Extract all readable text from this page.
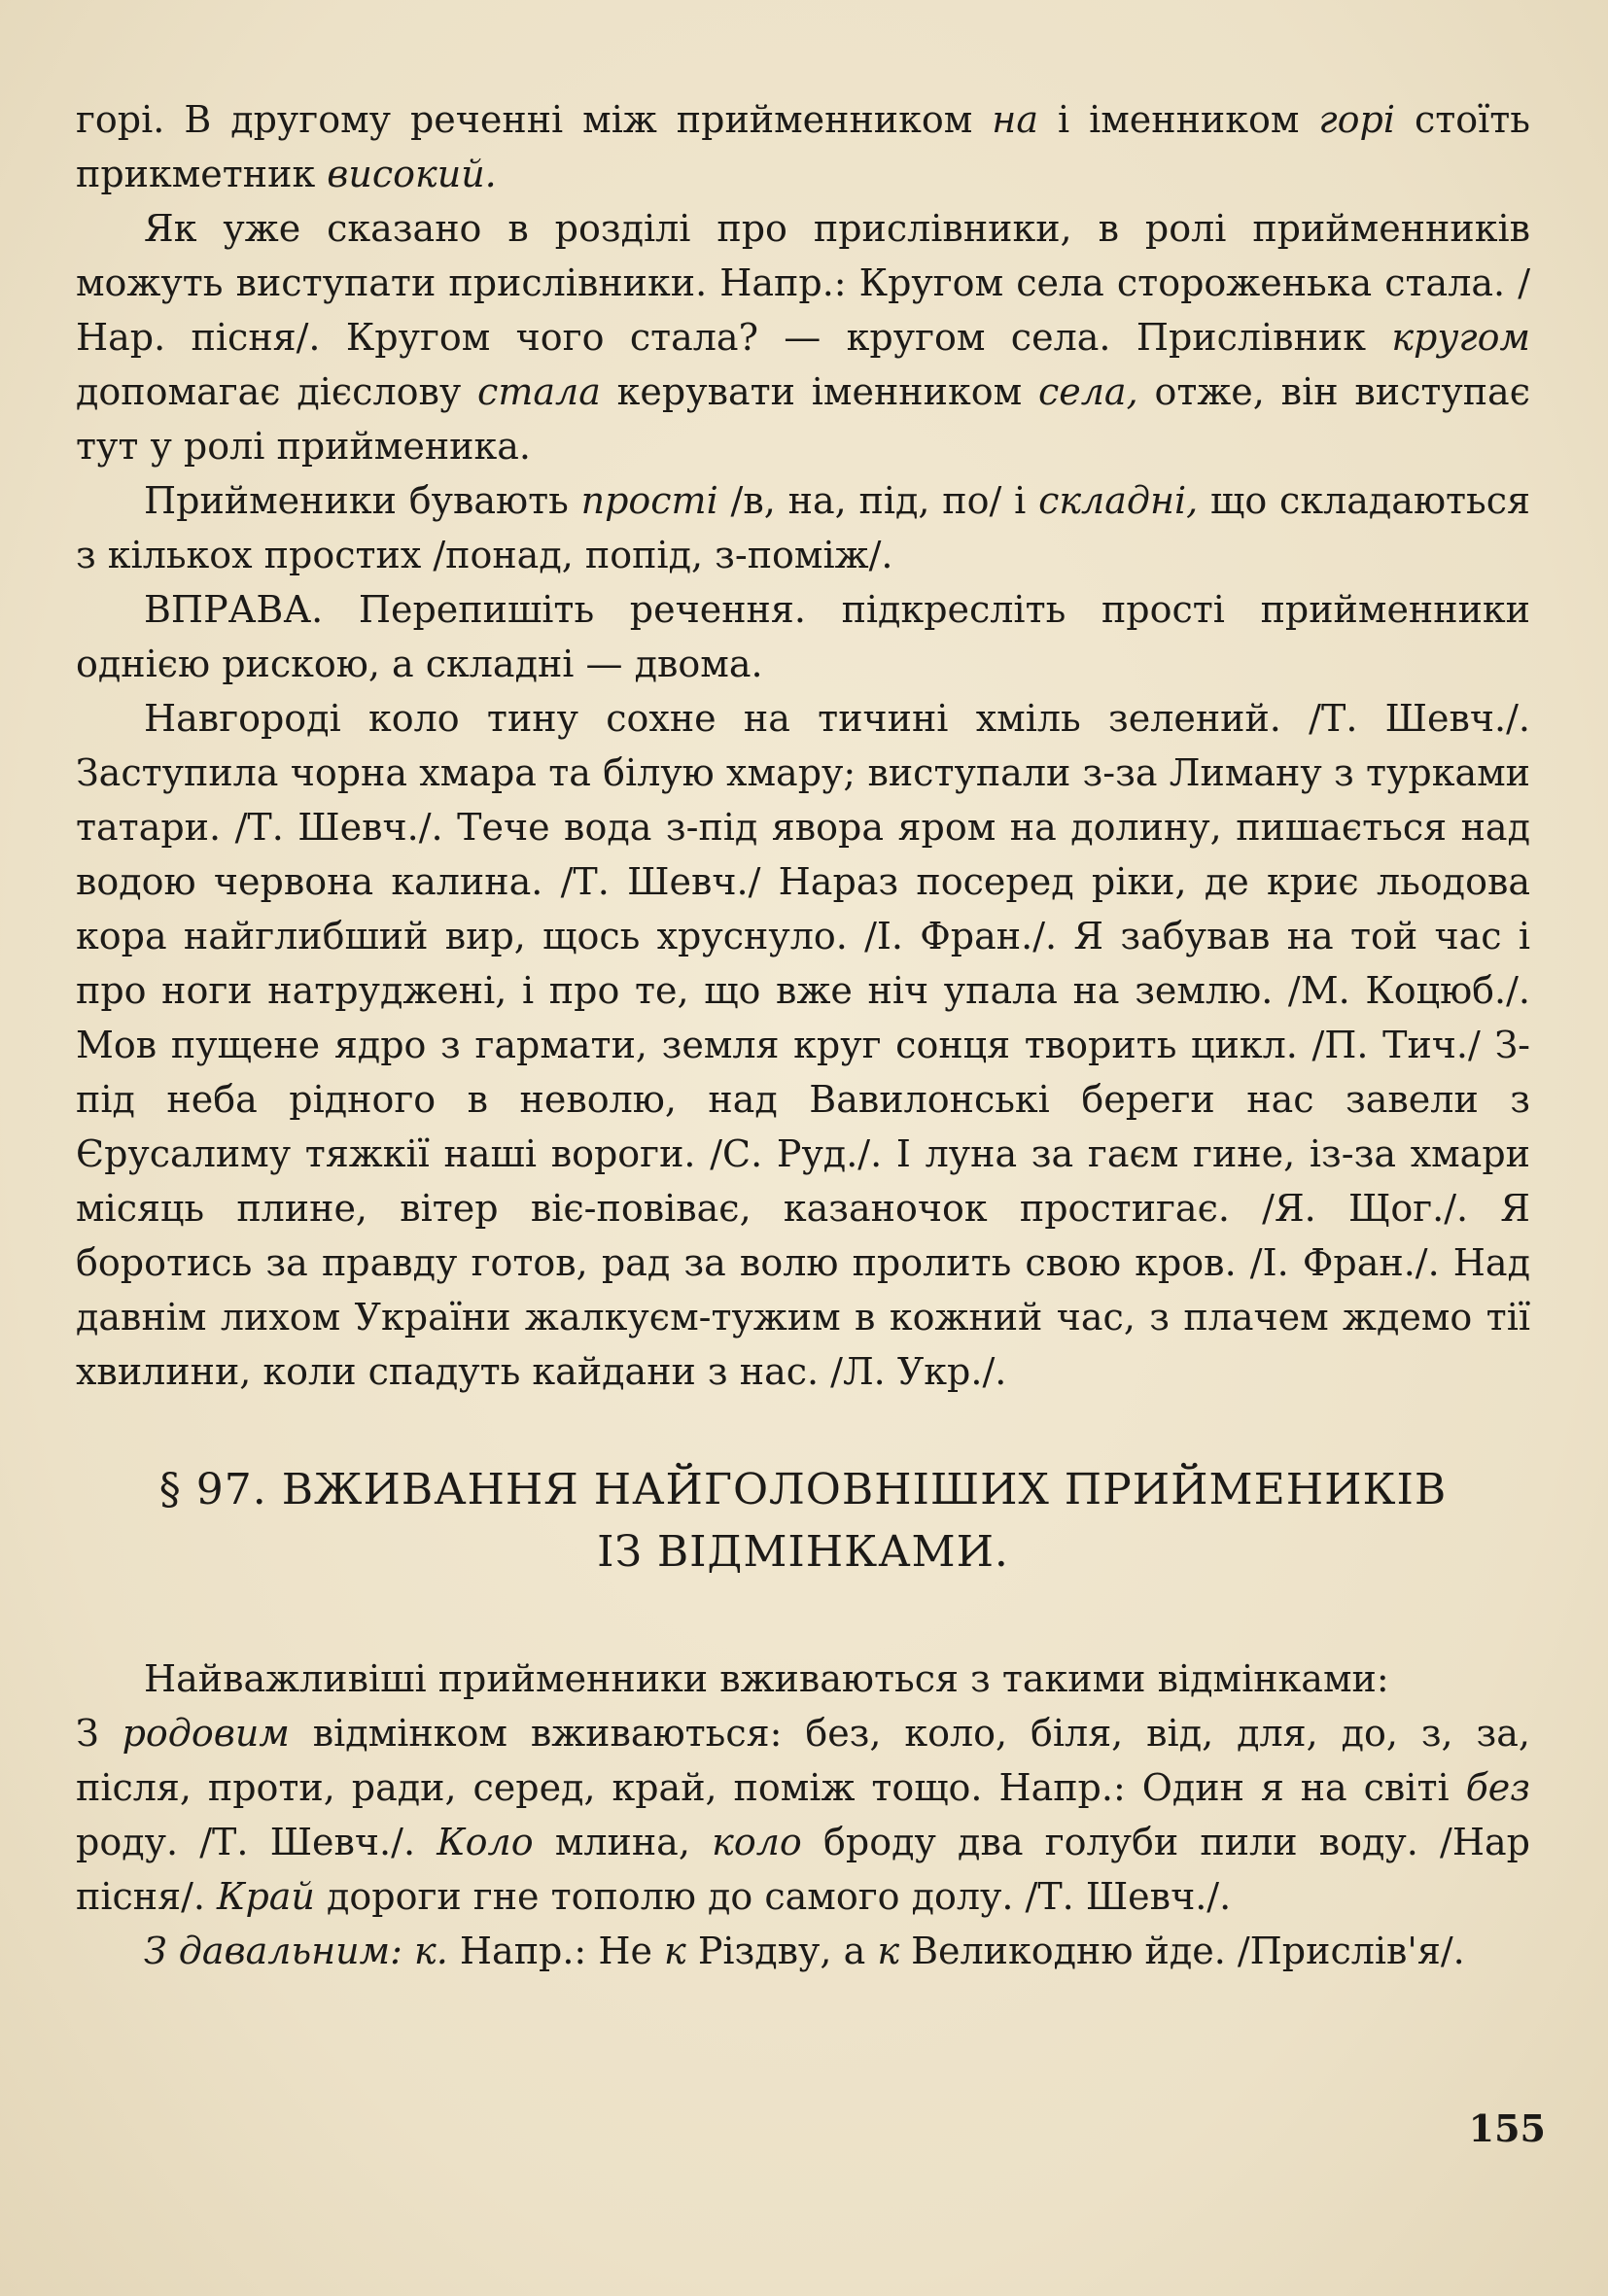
горі. В другому реченні між прийменником на і іменником горі стоїть прикметник високий.

Як уже сказано в розділі про прислівники, в ролі прийменників можуть виступати прислівники. Напр.: Кругом села стороженька стала. /Нар. пісня/. Кругом чого стала? — кругом села. Прислівник кругом допомагає дієслову стала керувати іменником села, отже, він виступає тут у ролі прийменика.

Прийменики бувають прості /в, на, під, по/ і складні, що складаються з кількох простих /понад, попід, з-поміж/.

ВПРАВА. Перепишіть речення. підкресліть прості прийменники однією рискою, а складні — двома.

Навгороді коло тину сохне на тичині хміль зелений. /Т. Шевч./. Заступила чорна хмара та білую хмару; виступали з-за Лиману з турками татари. /Т. Шевч./. Тече вода з-під явора яром на долину, пишається над водою червона калина. /Т. Шевч./ Нараз посеред ріки, де криє льодова кора найглибший вир, щось хруснуло. /І. Фран./. Я забував на той час і про ноги натруджені, і про те, що вже ніч упала на землю. /М. Коцюб./. Мов пущене ядро з гармати, земля круг сонця творить цикл. /П. Тич./ З-під неба рідного в неволю, над Вавилонські береги нас завели з Єрусалиму тяжкії наші вороги. /С. Руд./. І луна за гаєм гине, із-за хмари місяць плине, вітер віє-повіває, казаночок простигає. /Я. Щог./. Я боротись за правду готов, рад за волю пролить свою кров. /І. Фран./. Над давнім лихом України жалкуєм-тужим в кожний час, з плачем ждемо тії хвилини, коли спадуть кайдани з нас. /Л. Укр./.

§ 97. ВЖИВАННЯ НАЙГОЛОВНІШИХ ПРИЙМЕНИКІВ
ІЗ ВІДМІНКАМИ.

Найважливіші прийменники вживаються з такими відмінками:

З родовим відмінком вживаються: без, коло, біля, від, для, до, з, за, після, проти, ради, серед, край, поміж тощо. Напр.: Один я на світі без роду. /Т. Шевч./. Коло млина, коло броду два голуби пили воду. /Нар пісня/. Край дороги гне тополю до самого долу. /Т. Шевч./.

З давальним: к. Напр.: Не к Різдву, а к Великодню йде. /Прислів'я/.

155
